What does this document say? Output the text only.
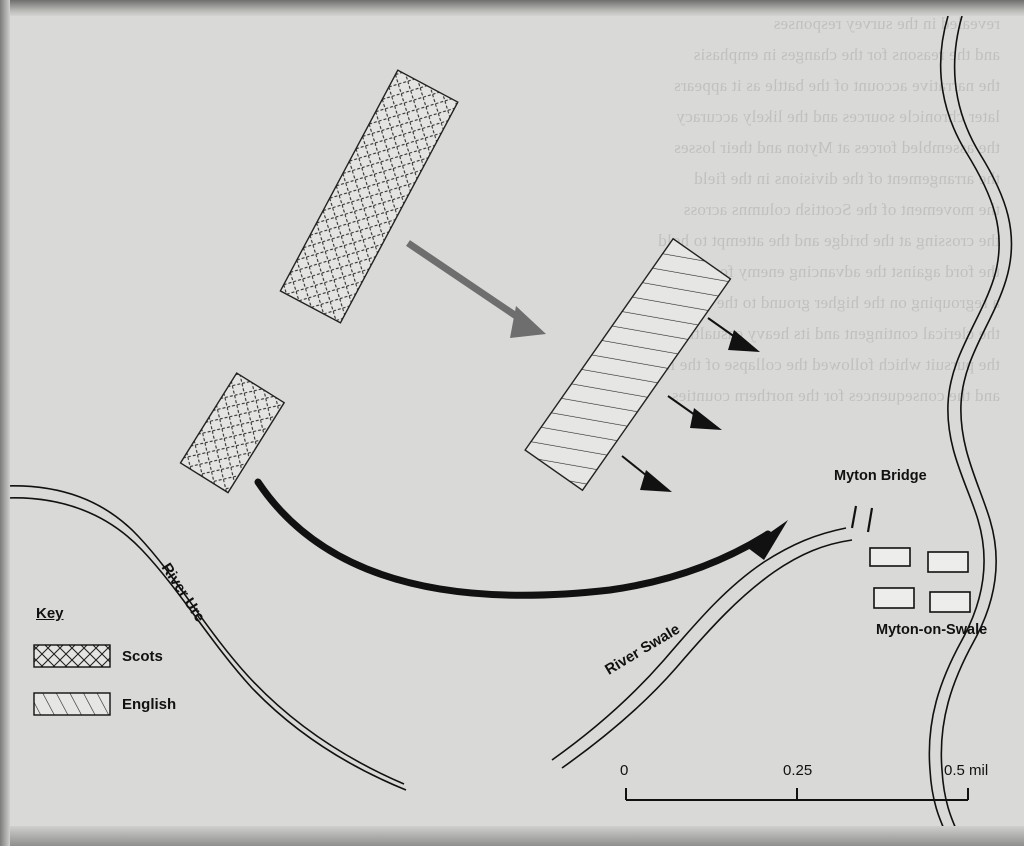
revealed in the survey responses
and the reasons for the changes in emphasis
the narrative account of the battle as it appears
later chronicle sources and the likely accuracy
the assembled forces at Myton and their losses
the arrangement of the divisions in the field
the movement of the Scottish columns across
the crossing at the bridge and the attempt to hold
the ford against the advancing enemy formations
a regrouping on the higher ground to the east
the clerical contingent and its heavy casualties
the pursuit which followed the collapse of the line
and the consequences for the northern counties
Myton Bridge
Myton-on-Swale
River Ure
River Swale
Key
Scots
English
0	0.25	0.5 mil
